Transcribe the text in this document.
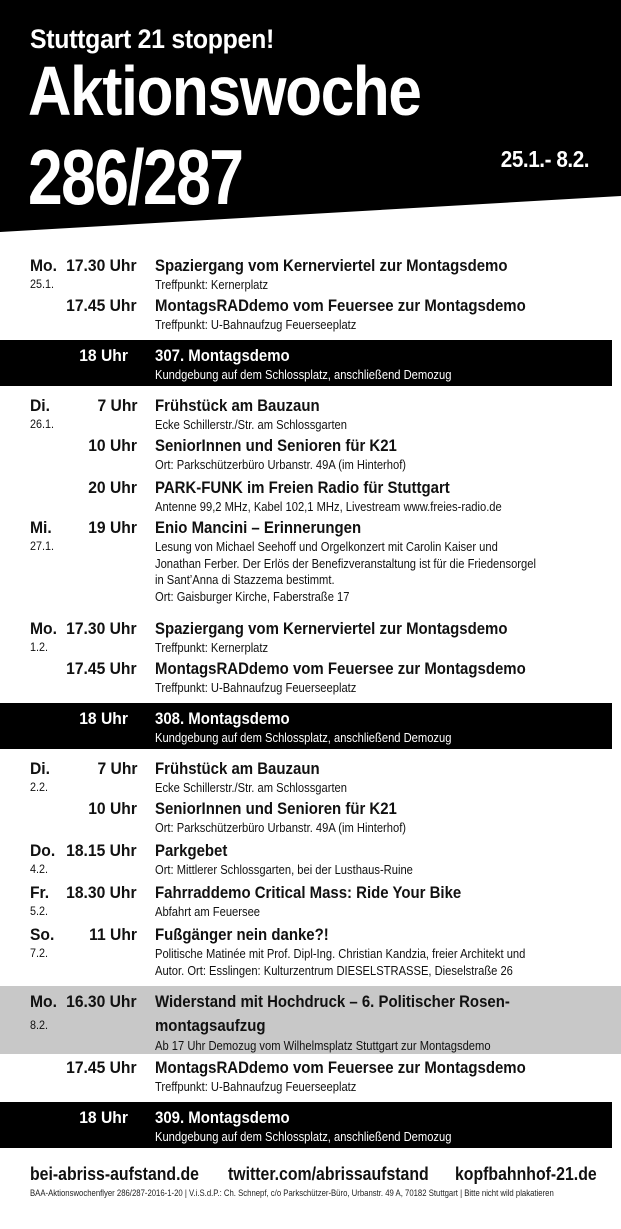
Stuttgart 21 stoppen!
Aktionswoche
286/287	25.1.- 8.2.
Mo.
25.1.
17.30 Uhr Spaziergang vom Kernerviertel zur Montagsdemo
Treffpunkt: Kernerplatz
17.45 Uhr MontagsRADdemo vom Feuersee zur Montagsdemo
Treffpunkt: U-Bahnaufzug Feuerseeplatz
18 Uhr 307. Montagsdemo
Kundgebung auf dem Schlossplatz, anschließend Demozug
Di.
26.1.
7 Uhr Frühstück am Bauzaun
Ecke Schillerstr./Str. am Schlossgarten
10 Uhr SeniorInnen und Senioren für K21
Ort: Parkschützerbüro Urbanstr. 49A (im Hinterhof)
20 Uhr PARK-FUNK im Freien Radio für Stuttgart
Antenne 99,2 MHz, Kabel 102,1 MHz, Livestream www.freies-radio.de
Mi.
27.1.
19 Uhr Enio Mancini – Erinnerungen
Lesung von Michael Seehoff und Orgelkonzert mit Carolin Kaiser und
Jonathan Ferber. Der Erlös der Benefizveranstaltung ist für die Friedensorgel
in Sant’Anna di Stazzema bestimmt.
Ort: Gaisburger Kirche, Faberstraße 17
Mo.
1.2.
17.30 Uhr Spaziergang vom Kernerviertel zur Montagsdemo
Treffpunkt: Kernerplatz
17.45 Uhr MontagsRADdemo vom Feuersee zur Montagsdemo
Treffpunkt: U-Bahnaufzug Feuerseeplatz
18 Uhr 308. Montagsdemo
Kundgebung auf dem Schlossplatz, anschließend Demozug
Di.
2.2.
7 Uhr Frühstück am Bauzaun
Ecke Schillerstr./Str. am Schlossgarten
10 Uhr SeniorInnen und Senioren für K21
Ort: Parkschützerbüro Urbanstr. 49A (im Hinterhof)
Do.
4.2.
18.15 Uhr Parkgebet
Ort: Mittlerer Schlossgarten, bei der Lusthaus-Ruine
Fr.
5.2.
18.30 Uhr Fahrraddemo Critical Mass: Ride Your Bike
Abfahrt am Feuersee
So.
7.2.
11 Uhr Fußgänger nein danke?!
Politische Matinée mit Prof. Dipl-Ing. Christian Kandzia, freier Architekt und
Autor. Ort: Esslingen: Kulturzentrum DIESELSTRASSE, Dieselstraße 26
Mo.
8.2.
16.30 Uhr Widerstand mit Hochdruck – 6. Politischer Rosen-
montagsaufzug
Ab 17 Uhr Demozug vom Wilhelmsplatz Stuttgart zur Montagsdemo
17.45 Uhr MontagsRADdemo vom Feuersee zur Montagsdemo
Treffpunkt: U-Bahnaufzug Feuerseeplatz
18 Uhr 309. Montagsdemo
Kundgebung auf dem Schlossplatz, anschließend Demozug
bei-abriss-aufstand.de twitter.com/abrissaufstand kopfbahnhof-21.de
BAA-Aktionswochenflyer 286/287-2016-1-20 | V.i.S.d.P.: Ch. Schnepf, c/o Parkschützer-Büro, Urbanstr. 49 A, 70182 Stuttgart | Bitte nicht wild plakatieren
